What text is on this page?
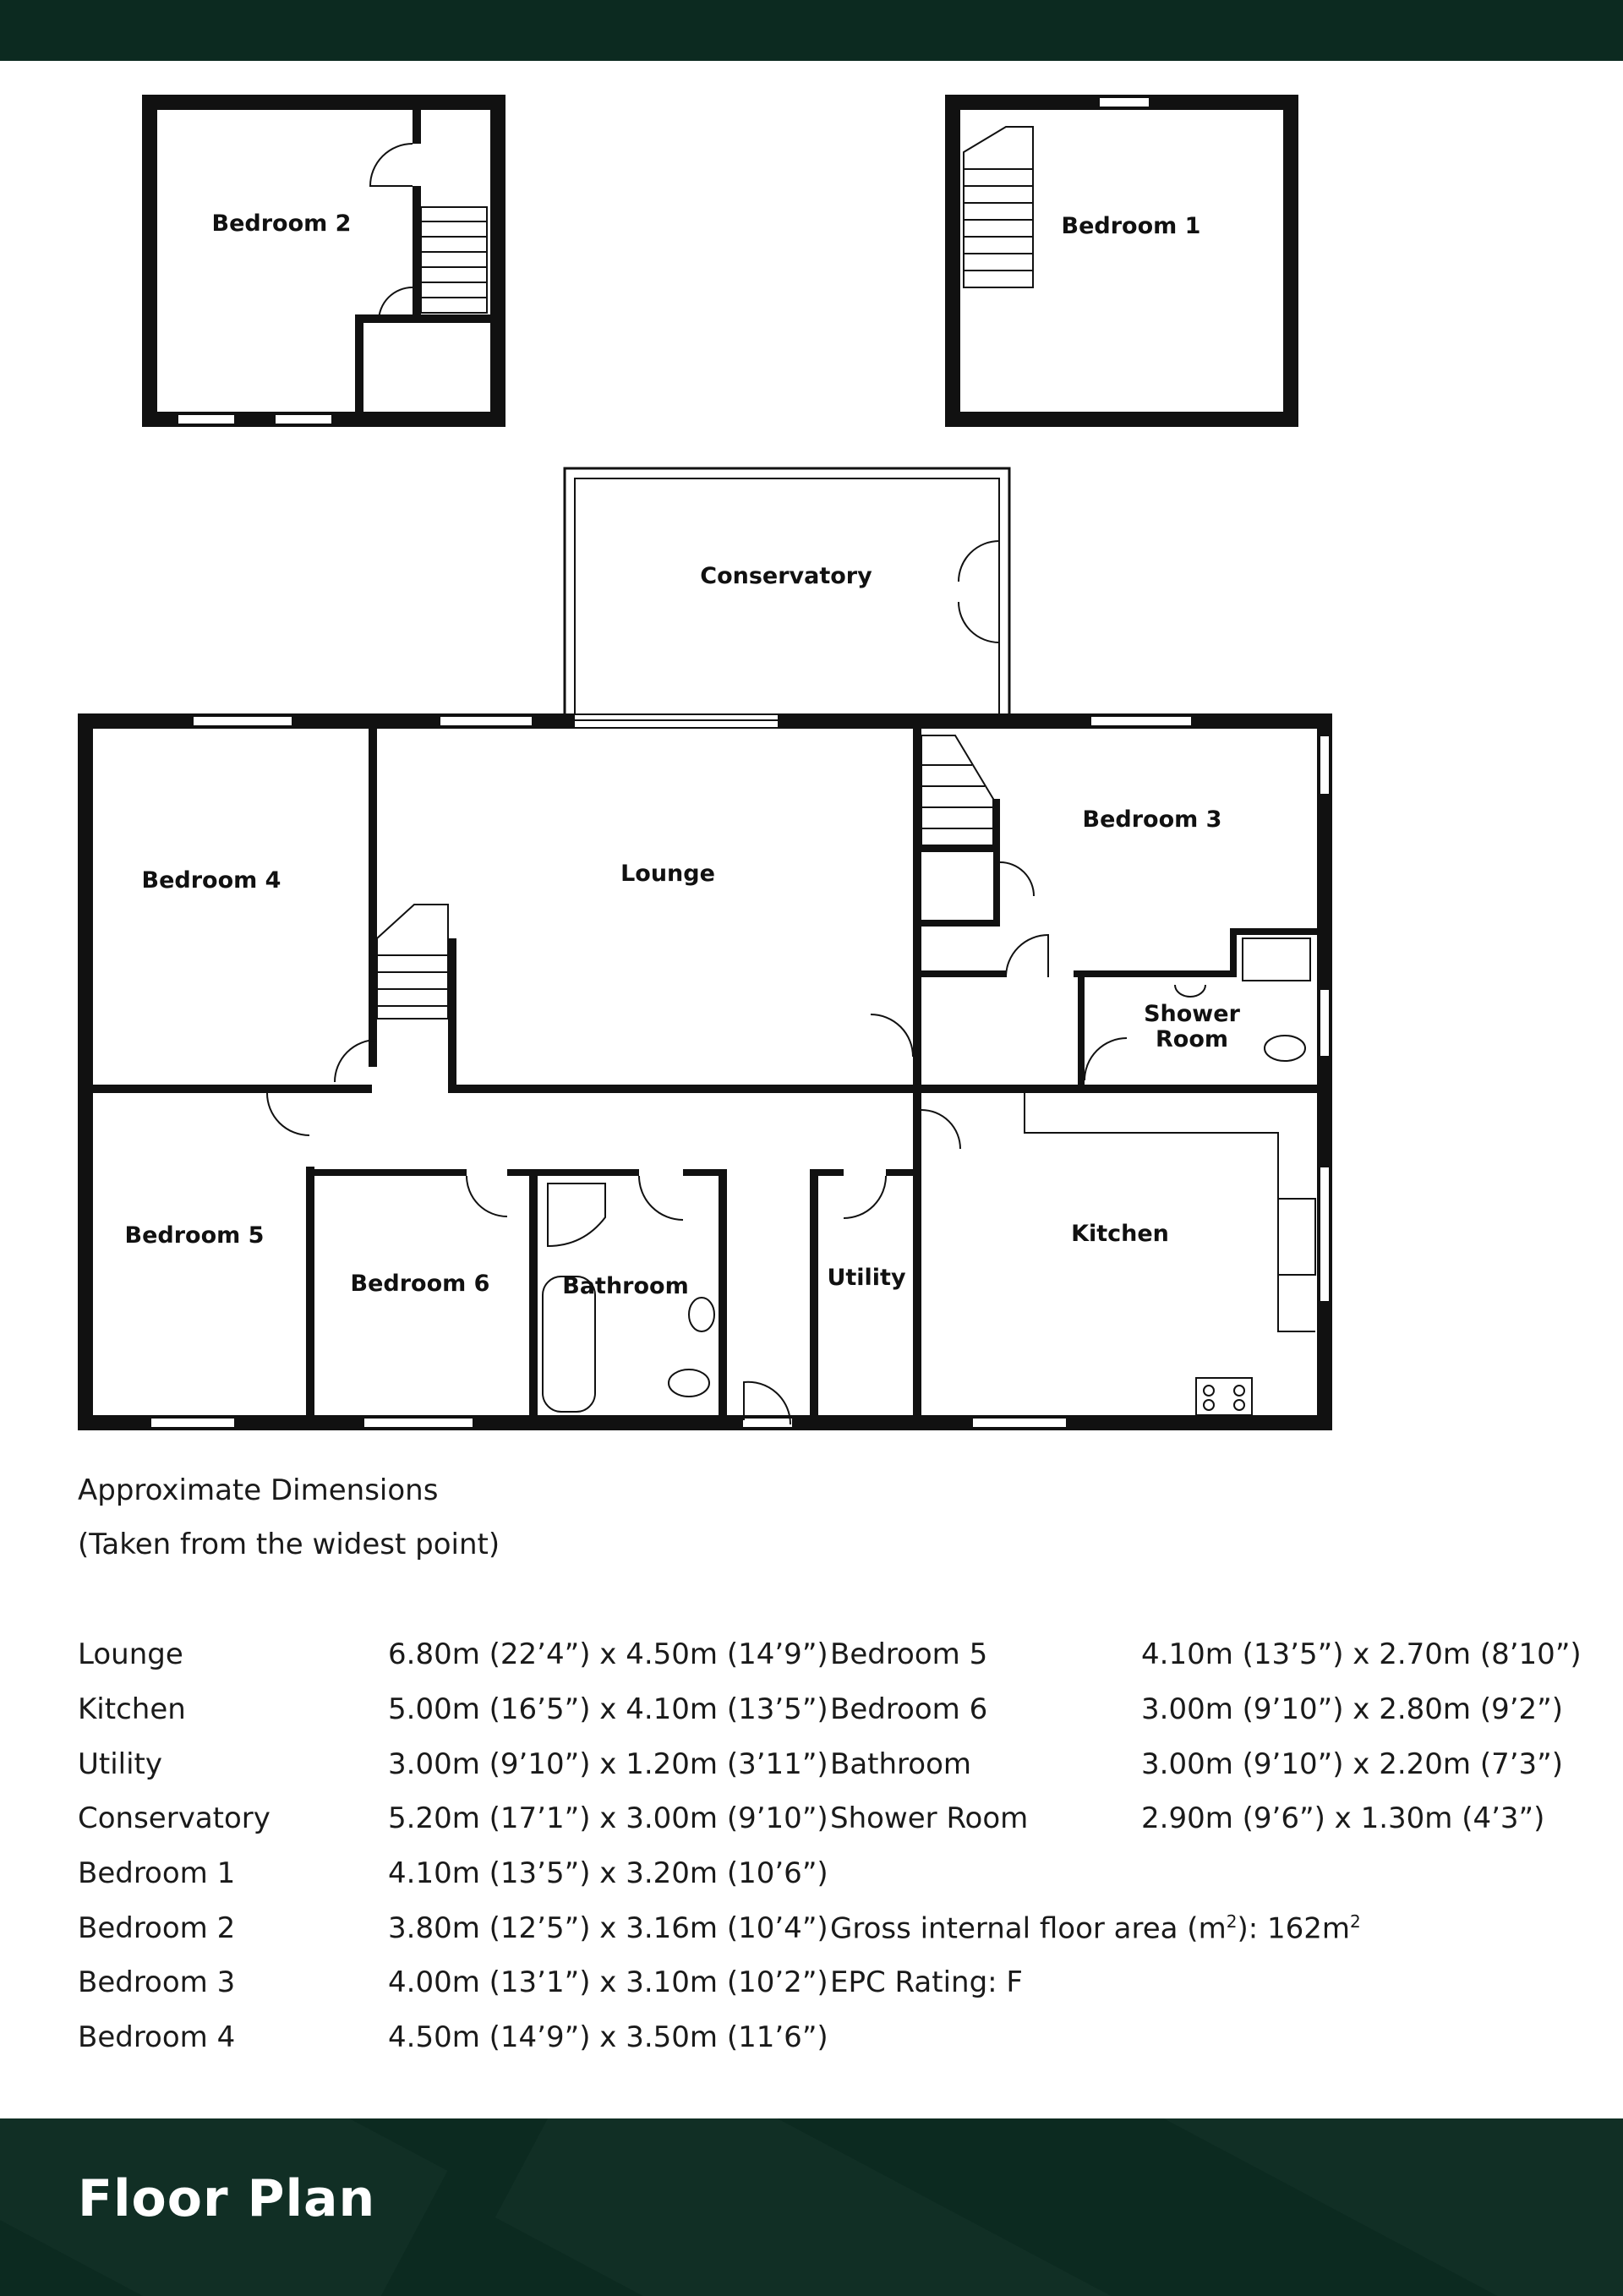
Bedroom 2	Bedroom 1
Conservatory
Bedroom 4	Lounge
Bedroom 3
Shower
Room
Bedroom 5
Bedroom 6	Bathroom	Utility
Kitchen
Approximate Dimensions
(Taken from the widest point)
Lounge	6.80m (22’4”) x 4.50m (14’9”)
Kitchen	5.00m (16’5”) x 4.10m (13’5”)
Utility	3.00m (9’10”) x 1.20m (3’11”)
Conservatory	5.20m (17’1”) x 3.00m (9’10”)
Bedroom 1	4.10m (13’5”) x 3.20m (10’6”)
Bedroom 2	3.80m (12’5”) x 3.16m (10’4”)
Bedroom 3	4.00m (13’1”) x 3.10m (10’2”)
Bedroom 4	4.50m (14’9”) x 3.50m (11’6”)
Bedroom 5	4.10m (13’5”) x 2.70m (8’10”)
Bedroom 6	3.00m (9’10”) x 2.80m (9’2”)
Bathroom	3.00m (9’10”) x 2.20m (7’3”)
Shower Room	2.90m (9’6”) x 1.30m (4’3”)
Gross internal floor area $(m^2)$: $162m^2$
EPC Rating: F
Floor Plan
